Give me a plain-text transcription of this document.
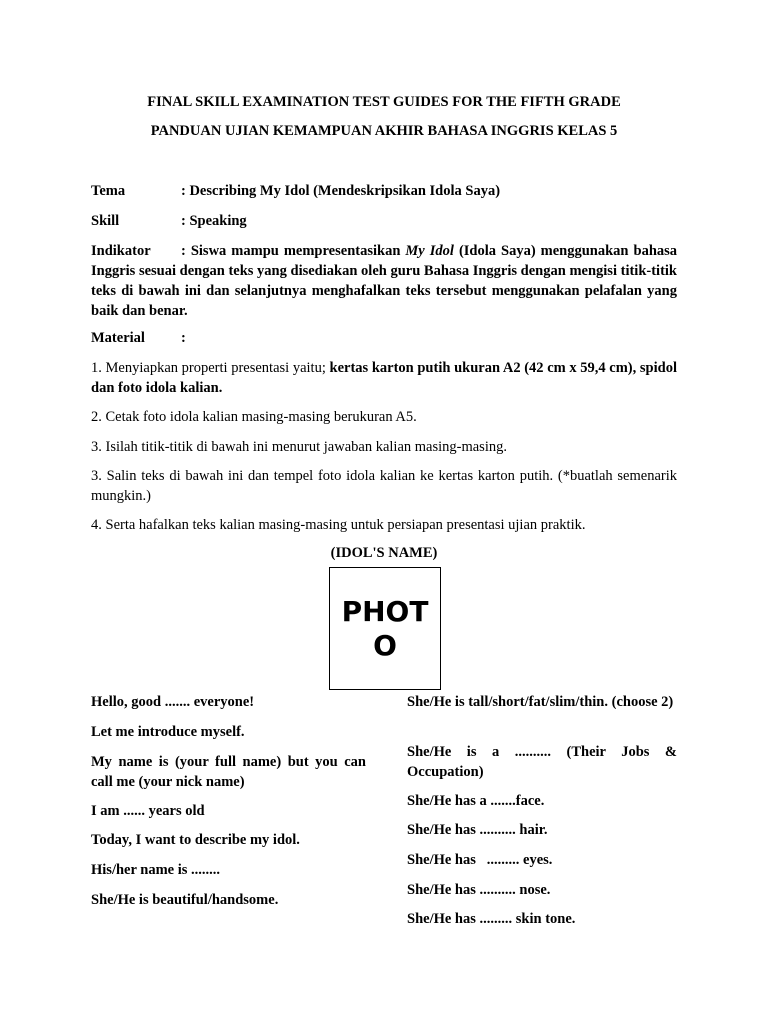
FINAL SKILL EXAMINATION TEST GUIDES FOR THE FIFTH GRADE
PANDUAN UJIAN KEMAMPUAN AKHIR BAHASA INGGRIS KELAS 5
Tema	: Describing My Idol (Mendeskripsikan Idola Saya)
Skill	: Speaking
Indikator : Siswa mampu mempresentasikan My Idol (Idola Saya) menggunakan bahasa Inggris sesuai dengan teks yang disediakan oleh guru Bahasa Inggris dengan mengisi titik-titik teks di bawah ini dan selanjutnya menghafalkan teks tersebut menggunakan pelafalan yang baik dan benar.
Material :
1. Menyiapkan properti presentasi yaitu; kertas karton putih ukuran A2 (42 cm x 59,4 cm), spidol dan foto idola kalian.
2. Cetak foto idola kalian masing-masing berukuran A5.
3. Isilah titik-titik di bawah ini menurut jawaban kalian masing-masing.
3. Salin teks di bawah ini dan tempel foto idola kalian ke kertas karton putih. (*buatlah semenarik mungkin.)
4. Serta hafalkan teks kalian masing-masing untuk persiapan presentasi ujian praktik.
(IDOL'S NAME)
PHOTO
Hello, good ....... everyone!
Let me introduce myself.
My name is (your full name) but you can call me (your nick name)
I am ...... years old
Today, I want to describe my idol.
His/her name is ........
She/He is beautiful/handsome.
She/He is tall/short/fat/slim/thin. (choose 2)
She/He is a .......... (Their Jobs & Occupation)
She/He has a .......face.
She/He has .......... hair.
She/He has   ......... eyes.
She/He has .......... nose.
She/He has ......... skin tone.
